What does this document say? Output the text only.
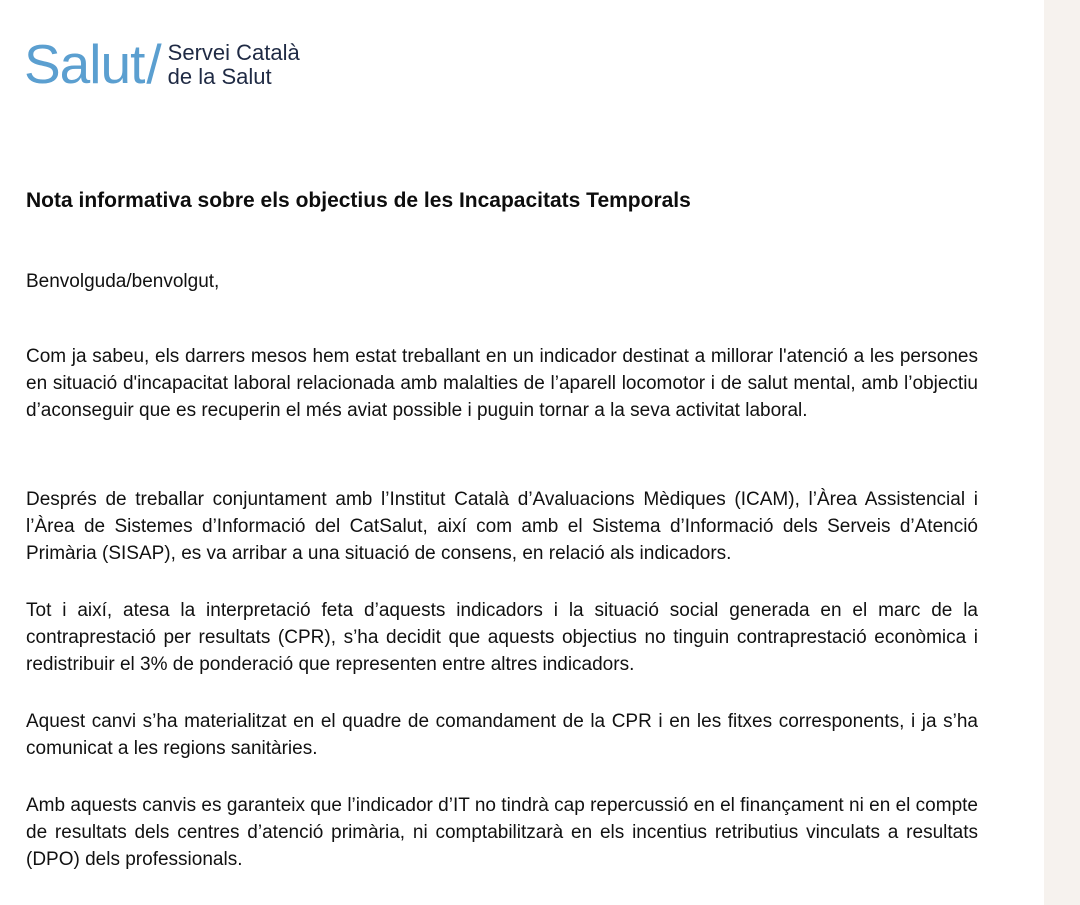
Salut / Servei Català
de la Salut
Nota informativa sobre els objectius de les Incapacitats Temporals

Benvolguda/benvolgut,

Com ja sabeu, els darrers mesos hem estat treballant en un indicador destinat a millorar l'atenció a les persones en situació d'incapacitat laboral relacionada amb malalties de l’aparell locomotor i de salut mental, amb l’objectiu d’aconseguir que es recuperin el més aviat possible i puguin tornar a la seva activitat laboral.

Després de treballar conjuntament amb l’Institut Català d’Avaluacions Mèdiques (ICAM), l’Àrea Assistencial i l’Àrea de Sistemes d’Informació del CatSalut, així com amb el Sistema d’Informació dels Serveis d’Atenció Primària (SISAP), es va arribar a una situació de consens, en relació als indicadors.

Tot i així, atesa la interpretació feta d’aquests indicadors i la situació social generada en el marc de la contraprestació per resultats (CPR), s’ha decidit que aquests objectius no tinguin contraprestació econòmica i redistribuir el 3% de ponderació que representen entre altres indicadors.

Aquest canvi s’ha materialitzat en el quadre de comandament de la CPR i en les fitxes corresponents, i ja s’ha comunicat a les regions sanitàries.

Amb aquests canvis es garanteix que l’indicador d’IT no tindrà cap repercussió en el finançament ni en el compte de resultats dels centres d’atenció primària, ni comptabilitzarà en els incentius retributius vinculats a resultats (DPO) dels professionals.
